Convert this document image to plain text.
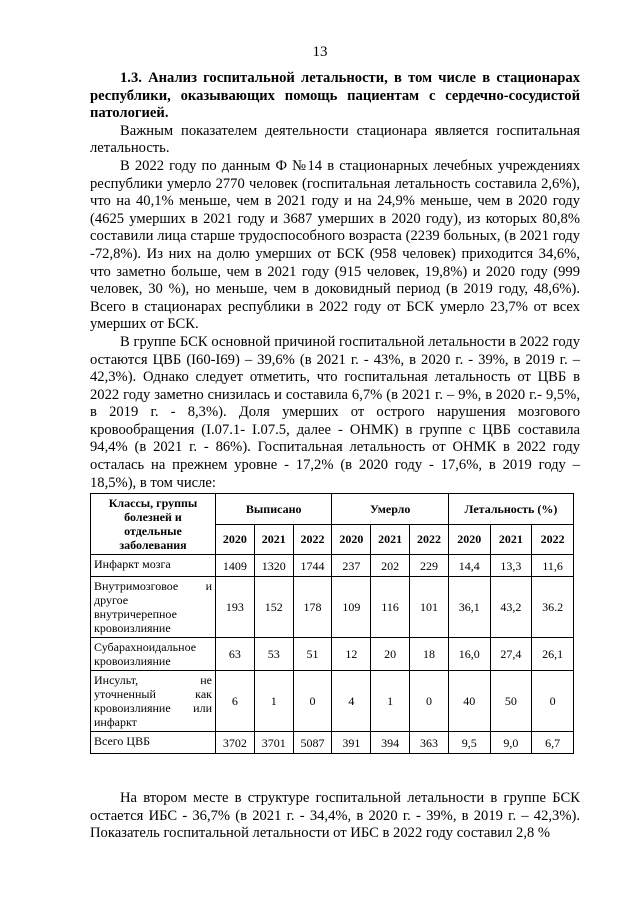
13

1.3. Анализ госпитальной летальности, в том числе в стационарах республики, оказывающих помощь пациентам с сердечно-сосудистой патологией.

Важным показателем деятельности стационара является госпитальная летальность.

В 2022 году по данным Ф №14 в стационарных лечебных учреждениях республики умерло 2770 человек (госпитальная летальность составила 2,6%), что на 40,1% меньше, чем в 2021 году и на 24,9% меньше, чем в 2020 году (4625 умерших в 2021 году и 3687 умерших в 2020 году), из которых 80,8% составили лица старше трудоспособного возраста (2239 больных, (в 2021 году -72,8%). Из них на долю умерших от БСК (958 человек) приходится 34,6%, что заметно больше, чем в 2021 году (915 человек, 19,8%) и 2020 году (999 человек, 30 %), но меньше, чем в доковидный период (в 2019 году, 48,6%). Всего в стационарах республики в 2022 году от БСК умерло 23,7% от всех умерших от БСК.

В группе БСК основной причиной госпитальной летальности в 2022 году остаются ЦВБ (I60-I69) – 39,6% (в 2021 г. - 43%, в 2020 г. - 39%, в 2019 г. – 42,3%). Однако следует отметить, что госпитальная летальность от ЦВБ в 2022 году заметно снизилась и составила 6,7% (в 2021 г. – 9%, в 2020 г.- 9,5%, в 2019 г. - 8,3%). Доля умерших от острого нарушения мозгового кровообращения (I.07.1- I.07.5, далее - ОНМК) в группе с ЦВБ составила 94,4% (в 2021 г. - 86%). Госпитальная летальность от ОНМК в 2022 году осталась на прежнем уровне - 17,2% (в 2020 году - 17,6%, в 2019 году – 18,5%), в том числе:

Классы, группы болезней и отдельные заболевания	Выписано			Умерло			Летальность (%)		
	2020	2021	2022	2020	2021	2022	2020	2021	2022
Инфаркт мозга	1409	1320	1744	237	202	229	14,4	13,3	11,6
Внутримозговое и другое внутричерепное кровоизлияние	193	152	178	109	116	101	36,1	43,2	36.2
Субарахноидальное кровоизлияние	63	53	51	12	20	18	16,0	27,4	26,1
Инсульт, не уточненный как кровоизлияние или инфаркт	6	1	0	4	1	0	40	50	0
Всего ЦВБ	3702	3701	5087	391	394	363	9,5	9,0	6,7

На втором месте в структуре госпитальной летальности в группе БСК остается ИБС - 36,7% (в 2021 г. - 34,4%, в 2020 г. - 39%, в 2019 г. – 42,3%). Показатель госпитальной летальности от ИБС в 2022 году составил 2,8 %
